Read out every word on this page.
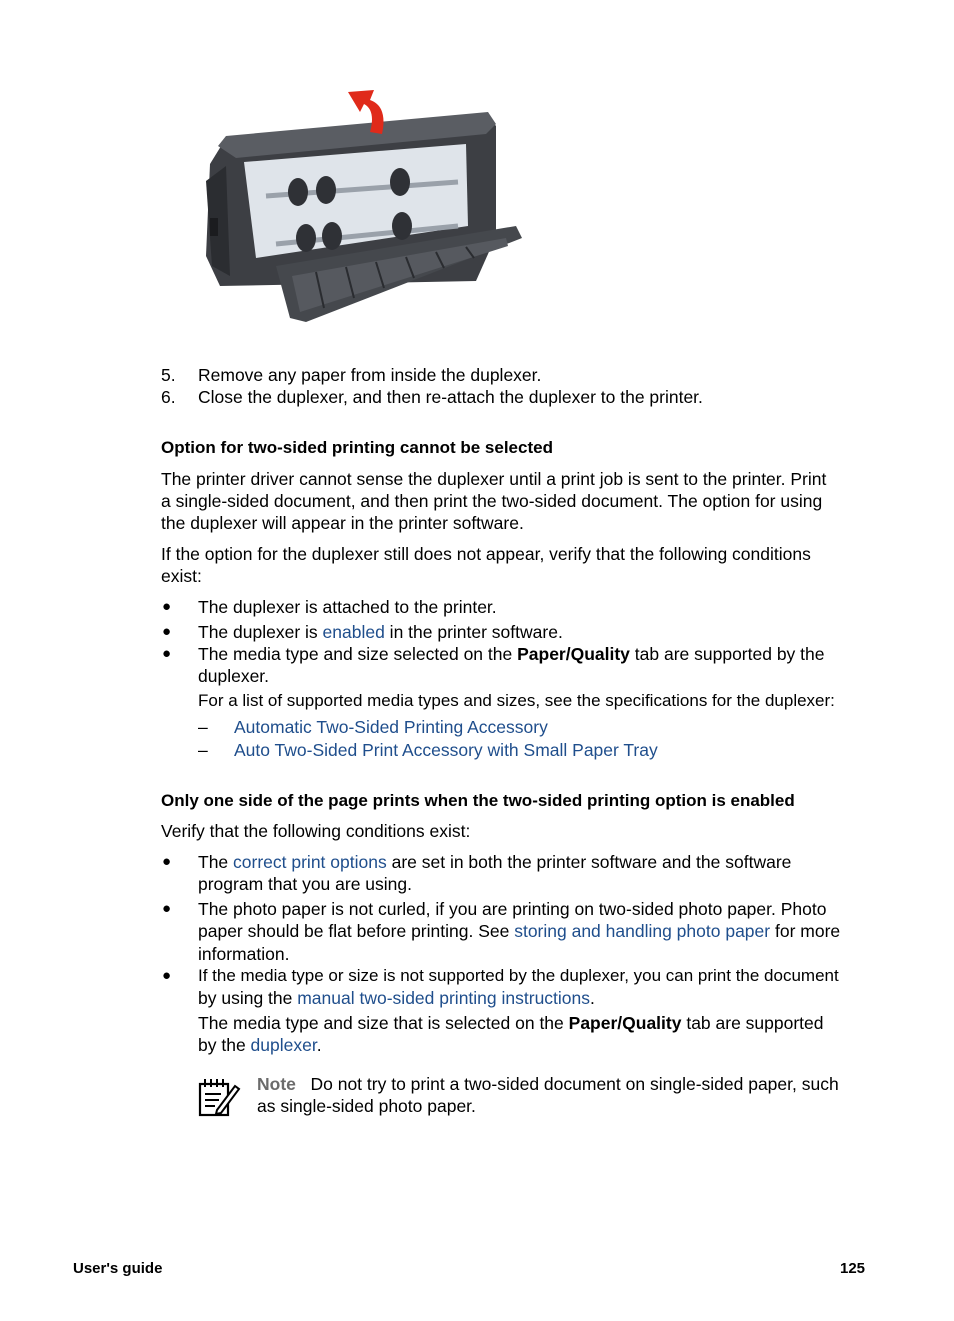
5. Remove any paper from inside the duplexer.
6. Close the duplexer, and then re-attach the duplexer to the printer.
Option for two-sided printing cannot be selected
The printer driver cannot sense the duplexer until a print job is sent to the printer. Print
a single-sided document, and then print the two-sided document. The option for using
the duplexer will appear in the printer software.
If the option for the duplexer still does not appear, verify that the following conditions
exist:
● The duplexer is attached to the printer.
● The duplexer is enabled in the printer software.
● The media type and size selected on the Paper/Quality tab are supported by the
duplexer.
For a list of supported media types and sizes, see the specifications for the duplexer:
– Automatic Two-Sided Printing Accessory
– Auto Two-Sided Print Accessory with Small Paper Tray
Only one side of the page prints when the two-sided printing option is enabled
Verify that the following conditions exist:
● The correct print options are set in both the printer software and the software
program that you are using.
● The photo paper is not curled, if you are printing on two-sided photo paper. Photo
paper should be flat before printing. See storing and handling photo paper for more
information.
● If the media type or size is not supported by the duplexer, you can print the document
by using the manual two-sided printing instructions.
The media type and size that is selected on the Paper/Quality tab are supported
by the duplexer.
Note Do not try to print a two-sided document on single-sided paper, such
as single-sided photo paper.
User's guide	125
